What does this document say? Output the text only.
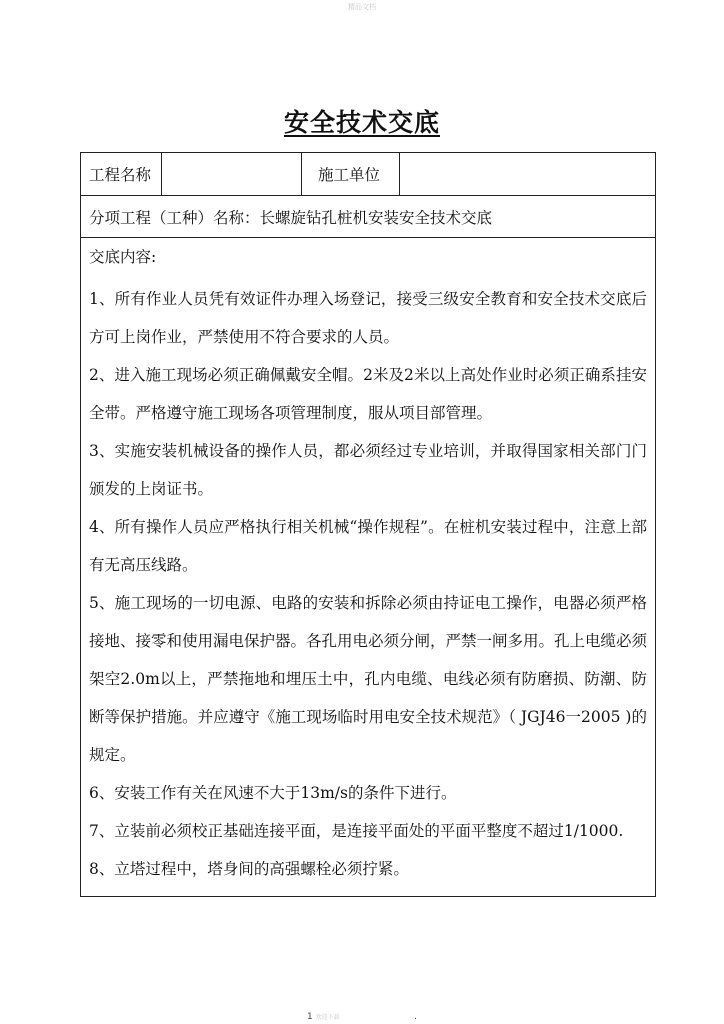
精品文档
安全技术交底
工程名称	施工单位
分项工程（工种）名称：长螺旋钻孔桩机安装安全技术交底
交底内容:
1、所有作业人员凭有效证件办理入场登记，接受三级安全教育和安全技术交底后方可上岗作业，严禁使用不符合要求的人员。
2、进入施工现场必须正确佩戴安全帽。2米及2米以上高处作业时必须正确系挂安全带。严格遵守施工现场各项管理制度，服从项目部管理。
3、实施安装机械设备的操作人员，都必须经过专业培训，并取得国家相关部门门颁发的上岗证书。
4、所有操作人员应严格执行相关机械“操作规程”。在桩机安装过程中，注意上部有无高压线路。
5、施工现场的一切电源、电路的安装和拆除必须由持证电工操作，电器必须严格接地、接零和使用漏电保护器。各孔用电必须分闸，严禁一闸多用。孔上电缆必须架空2.0m以上，严禁拖地和埋压土中，孔内电缆、电线必须有防磨损、防潮、防断等保护措施。并应遵守《施工现场临时用电安全技术规范》（ JGJ46一2005 )的规定。
6、安装工作有关在风速不大于13m/s的条件下进行。
7、立装前必须校正基础连接平面，是连接平面处的平面平整度不超过1/1000.
8、立塔过程中，塔身间的高强螺栓必须拧紧。
1 欢迎下载	.
